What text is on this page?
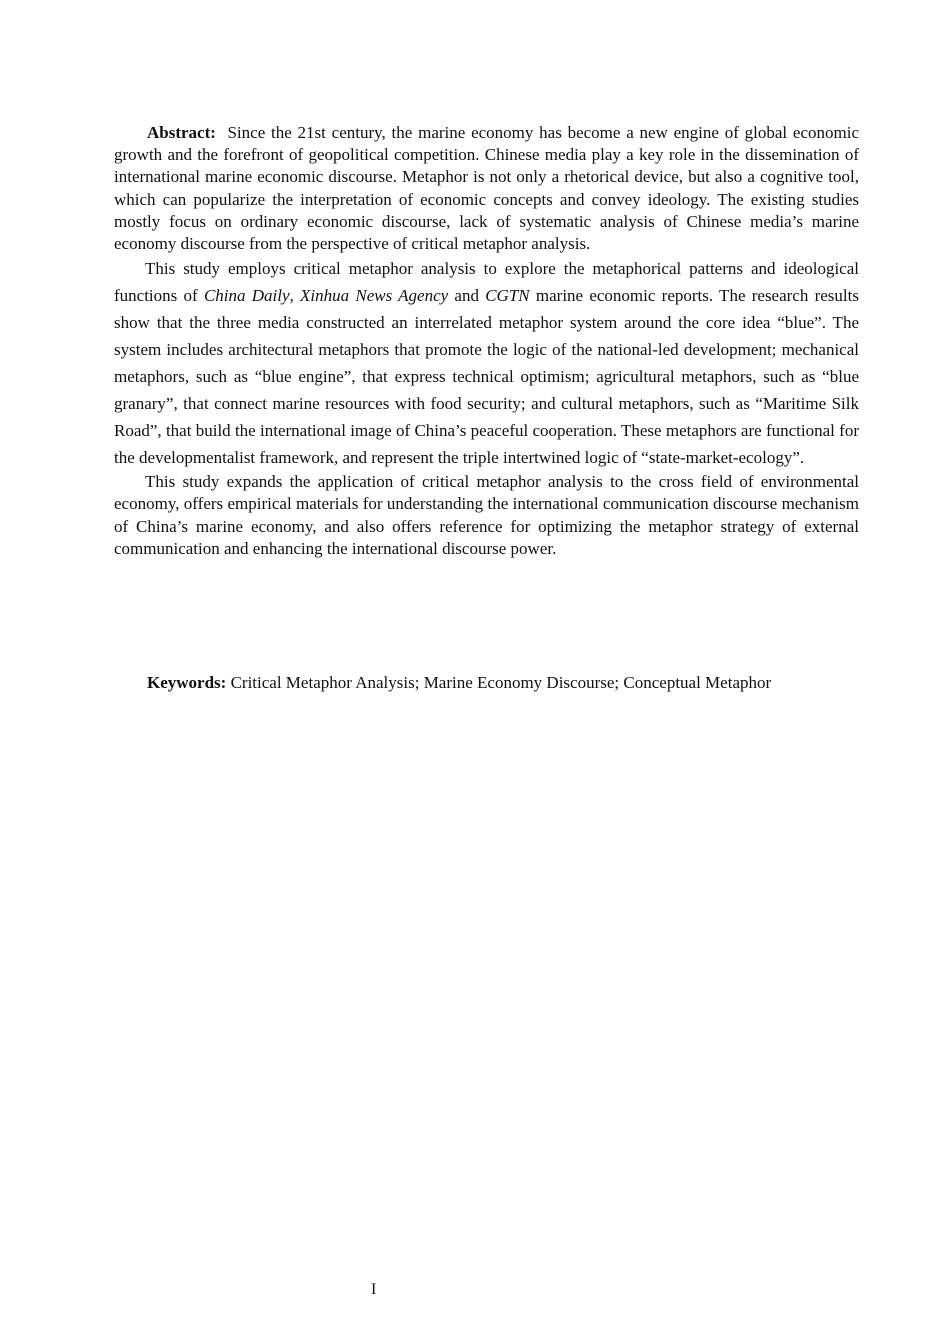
Abstract: Since the 21st century, the marine economy has become a new engine of global economic growth and the forefront of geopolitical competition. Chinese media play a key role in the dissemination of international marine economic discourse. Metaphor is not only a rhetorical device, but also a cognitive tool, which can popularize the interpretation of economic concepts and convey ideology. The existing studies mostly focus on ordinary economic discourse, lack of systematic analysis of Chinese media’s marine economy discourse from the perspective of critical metaphor analysis.

This study employs critical metaphor analysis to explore the metaphorical patterns and ideological functions of China Daily, Xinhua News Agency and CGTN marine economic reports. The research results show that the three media constructed an interrelated metaphor system around the core idea “blue”. The system includes architectural metaphors that promote the logic of the national-led development; mechanical metaphors, such as “blue engine”, that express technical optimism; agricultural metaphors, such as “blue granary”, that connect marine resources with food security; and cultural metaphors, such as “Maritime Silk Road”, that build the international image of China’s peaceful cooperation. These metaphors are functional for the developmentalist framework, and represent the triple intertwined logic of “state-market-ecology”.

This study expands the application of critical metaphor analysis to the cross field of environmental economy, offers empirical materials for understanding the international communication discourse mechanism of China’s marine economy, and also offers reference for optimizing the metaphor strategy of external communication and enhancing the international discourse power.

Keywords: Critical Metaphor Analysis; Marine Economy Discourse; Conceptual Metaphor

I
